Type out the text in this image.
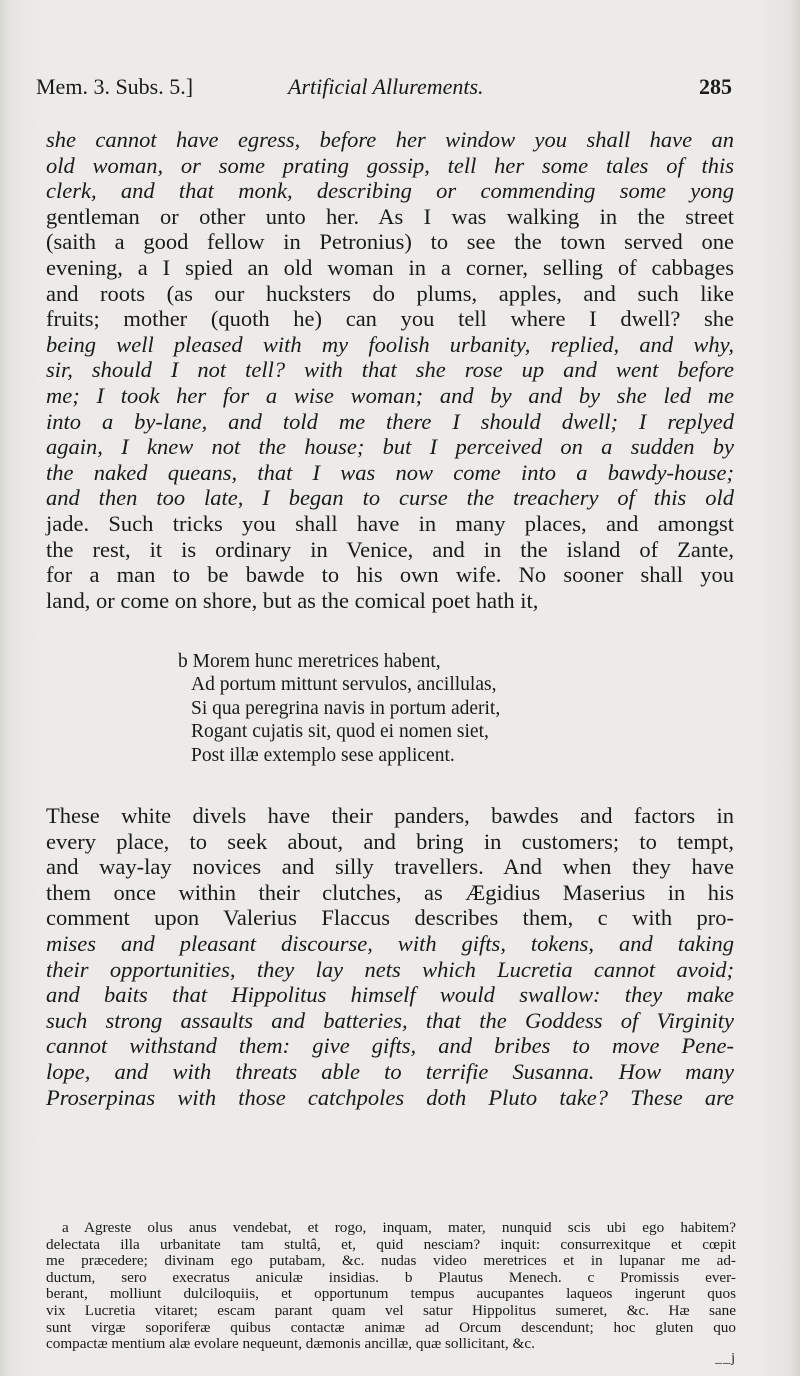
Mem. 3. Subs. 5.]	Artificial Allurements.	285
she cannot have egress, before her window you shall have an
old woman, or some prating gossip, tell her some tales of this
clerk, and that monk, describing or commending some yong
gentleman or other unto her. As I was walking in the street
(saith a good fellow in Petronius) to see the town served one
evening, a I spied an old woman in a corner, selling of cabbages
and roots (as our hucksters do plums, apples, and such like
fruits; mother (quoth he) can you tell where I dwell? she
being well pleased with my foolish urbanity, replied, and why,
sir, should I not tell? with that she rose up and went before
me; I took her for a wise woman; and by and by she led me
into a by-lane, and told me there I should dwell; I replyed
again, I knew not the house; but I perceived on a sudden by
the naked queans, that I was now come into a bawdy-house;
and then too late, I began to curse the treachery of this old
jade. Such tricks you shall have in many places, and amongst
the rest, it is ordinary in Venice, and in the island of Zante,
for a man to be bawde to his own wife. No sooner shall you
land, or come on shore, but as the comical poet hath it,
b Morem hunc meretrices habent,
Ad portum mittunt servulos, ancillulas,
Si qua peregrina navis in portum aderit,
Rogant cujatis sit, quod ei nomen siet,
Post illæ extemplo sese applicent.
These white divels have their panders, bawdes and factors in
every place, to seek about, and bring in customers; to tempt,
and way-lay novices and silly travellers. And when they have
them once within their clutches, as Ægidius Maserius in his
comment upon Valerius Flaccus describes them, c with pro-
mises and pleasant discourse, with gifts, tokens, and taking
their opportunities, they lay nets which Lucretia cannot avoid;
and baits that Hippolitus himself would swallow: they make
such strong assaults and batteries, that the Goddess of Virginity
cannot withstand them: give gifts, and bribes to move Pene-
lope, and with threats able to terrifie Susanna. How many
Proserpinas with those catchpoles doth Pluto take? These are
a Agreste olus anus vendebat, et rogo, inquam, mater, nunquid scis ubi ego habitem?
delectata illa urbanitate tam stultâ, et, quid nesciam? inquit: consurrexitque et cœpit
me præcedere; divinam ego putabam, &c. nudas video meretrices et in lupanar me ad-
ductum, sero execratus aniculæ insidias. b Plautus Menech. c Promissis ever-
berant, molliunt dulciloquiis, et opportunum tempus aucupantes laqueos ingerunt quos
vix Lucretia vitaret; escam parant quam vel satur Hippolitus sumeret, &c. Hæ sane
sunt virgæ soporiferæ quibus contactæ animæ ad Orcum descendunt; hoc gluten quo
compactæ mentium alæ evolare nequeunt, dæmonis ancillæ, quæ sollicitant, &c.
__j
